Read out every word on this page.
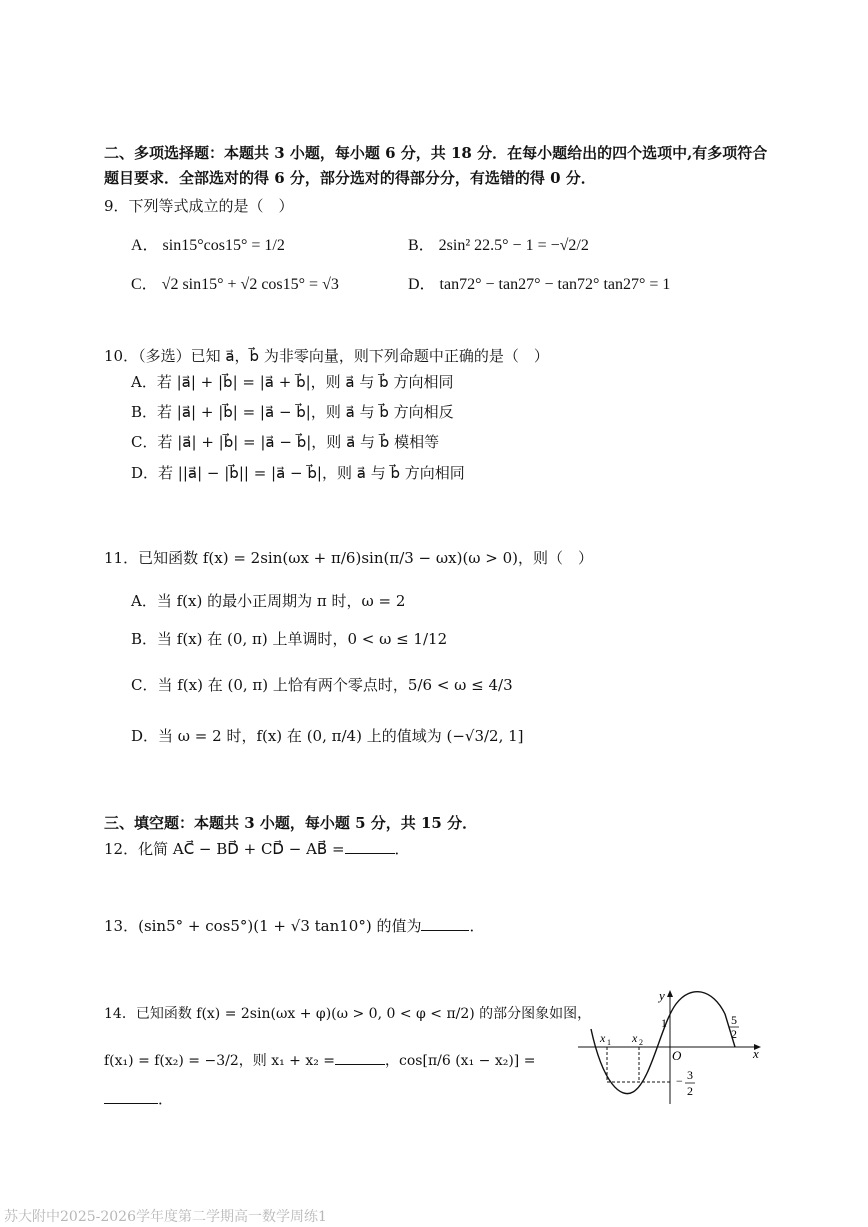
二、多项选择题：本题共 3 小题，每小题 6 分，共 18 分．在每小题给出的四个选项中,有多项符合
题目要求．全部选对的得 6 分，部分选对的得部分分，有选错的得 0 分．
9．下列等式成立的是（　）
A． sin15°cos15° = 1/2	B． 2sin² 22.5° − 1 = −√2/2
C． √2 sin15° + √2 cos15° = √3	D． tan72° − tan27° − tan72° tan27° = 1
10．（多选）已知 a⃗，b⃗ 为非零向量，则下列命题中正确的是（　）
A．若 |a⃗| + |b⃗| = |a⃗ + b⃗|，则 a⃗ 与 b⃗ 方向相同
B．若 |a⃗| + |b⃗| = |a⃗ − b⃗|，则 a⃗ 与 b⃗ 方向相反
C．若 |a⃗| + |b⃗| = |a⃗ − b⃗|，则 a⃗ 与 b⃗ 模相等
D．若 ||a⃗| − |b⃗|| = |a⃗ − b⃗|，则 a⃗ 与 b⃗ 方向相同
11．已知函数 f(x) = 2sin(ωx + π/6)sin(π/3 − ωx)(ω > 0)，则（　）
A．当 f(x) 的最小正周期为 π 时，ω = 2
B．当 f(x) 在 (0, π) 上单调时，0 < ω ≤ 1/12
C．当 f(x) 在 (0, π) 上恰有两个零点时，5/6 < ω ≤ 4/3
D．当 ω = 2 时，f(x) 在 (0, π/4) 上的值域为 (−√3/2, 1]
三、填空题：本题共 3 小题，每小题 5 分，共 15 分．
12．化简 AC⃗ − BD⃗ + CD⃗ − AB⃗ =	．
13．(sin5° + cos5°)(1 + √3 tan10°) 的值为	．
14．已知函数 f(x) = 2sin(ωx + φ)(ω > 0, 0 < φ < π/2) 的部分图象如图，
f(x₁) = f(x₂) = −3/2，则 x₁ + x₂ =	，cos[π/6 (x₁ − x₂)] =
．
y
x
O
1
x 1 x 2
5
2
− 3
2
苏大附中2025-2026学年度第二学期高一数学周练1
